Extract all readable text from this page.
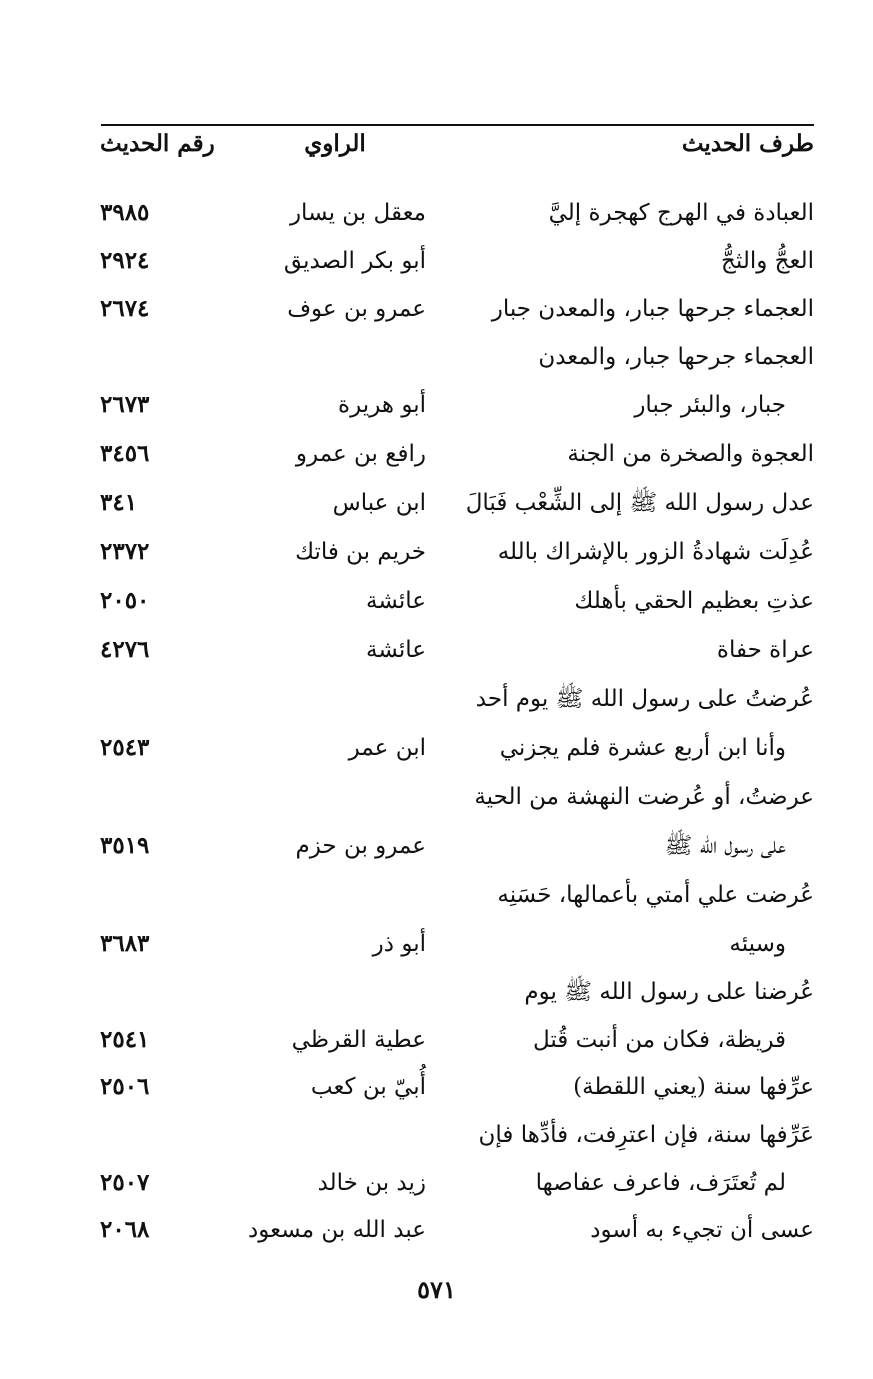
طرف الحديث
الراوي
رقم الحديث
العبادة في الهرج كهجرة إليَّ
معقل بن يسار
٣٩٨٥
العجُّ والثجُّ
أبو بكر الصديق
٢٩٢٤
العجماء جرحها جبار، والمعدن جبار
عمرو بن عوف
٢٦٧٤
العجماء جرحها جبار، والمعدن
جبار، والبئر جبار
أبو هريرة
٢٦٧٣
العجوة والصخرة من الجنة
رافع بن عمرو
٣٤٥٦
عدل رسول الله ﷺ إلى الشِّعْب فَبَالَ
ابن عباس
٣٤١
عُدِلَت شهادةُ الزور بالإشراك بالله
خريم بن فاتك
٢٣٧٢
عذتِ بعظيم الحقي بأهلك
عائشة
٢٠٥٠
عراة حفاة
عائشة
٤٢٧٦
عُرضتُ على رسول الله ﷺ يوم أحد
وأنا ابن أربع عشرة فلم يجزني
ابن عمر
٢٥٤٣
عرضتُ، أو عُرضت النهشة من الحية
على رسول الله ﷺ
عمرو بن حزم
٣٥١٩
عُرضت علي أمتي بأعمالها، حَسَنِه
وسيئه
أبو ذر
٣٦٨٣
عُرضنا على رسول الله ﷺ يوم
قريظة، فكان من أنبت قُتل
عطية القرظي
٢٥٤١
عرِّفها سنة (يعني اللقطة)
أُبيّ بن كعب
٢٥٠٦
عَرِّفها سنة، فإن اعترِفت، فأدِّها فإن
لم تُعتَرَف، فاعرف عفاصها
زيد بن خالد
٢٥٠٧
عسى أن تجيء به أسود
عبد الله بن مسعود
٢٠٦٨
٥٧١
